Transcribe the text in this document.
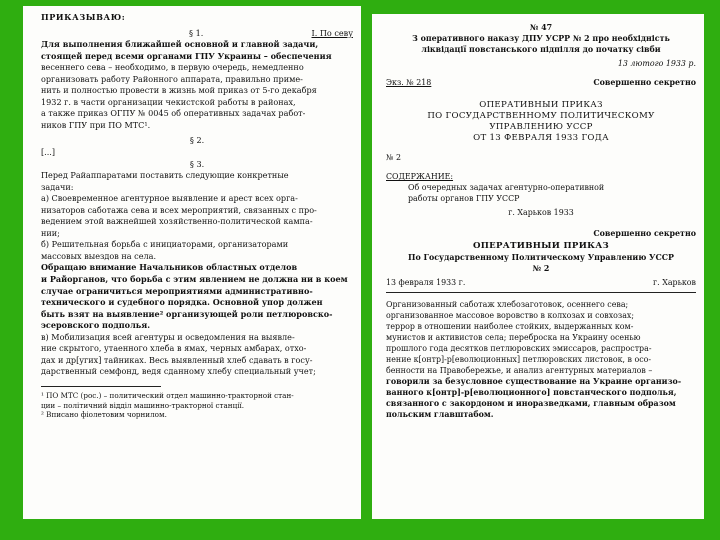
ПРИКАЗЫВАЮ:
§ 1.	I. По севу
Для выполнения ближайшей основной и главной задачи,
стоящей перед всеми органами ГПУ Украины – обеспечения
весеннего сева – необходимо, в первую очередь, немедленно
организовать работу Районного аппарата, правильно приме-
нить и полностью провести в жизнь мой приказ от 5-го декабря
1932 г. в части организации чекистской работы в районах,
а также приказ ОГПУ № 0045 об оперативных задачах работ-
ников ГПУ при ПО МТС¹.
§ 2.
[...]
§ 3.
Перед Райаппаратами поставить следующие конкретные
задачи:
а) Своевременное агентурное выявление и арест всех орга-
низаторов саботажа сева и всех мероприятий, связанных с про-
ведением этой важнейшей хозяйственно-политической кампа-
нии;
б) Решительная борьба с инициаторами, организаторами
массовых выездов на села.
Обращаю внимание Начальников областных отделов
и Райорганов, что борьба с этим явлением не должна ни в коем
случае ограничиться мероприятиями административно-
технического и судебного порядка. Основной упор должен
быть взят на выявление² организующей роли петлюровско-
эсеровского подполья.
в) Мобилизация всей агентуры и осведомления на выявле-
ние скрытого, утаенного хлеба в ямах, черных амбарах, отхо-
дах и др[угих] тайниках. Весь выявленный хлеб сдавать в госу-
дарственный семфонд, ведя сданному хлебу специальный учет;
¹ ПО МТС (рос.) – политический отдел машинно-тракторной стан-
ции – політичний відділ машинно-тракторної станції.
² Вписано фіолетовим чорнилом.
№ 47
З оперативного наказу ДПУ УСРР № 2 про необхідність
ліквідації повстанського підпілля до початку сівби
13 лютого 1933 р.
Экз. № 218	Совершенно секретно
ОПЕРАТИВНЫЙ ПРИКАЗ
ПО ГОСУДАРСТВЕННОМУ ПОЛИТИЧЕСКОМУ
УПРАВЛЕНИЮ УССР
ОТ 13 ФЕВРАЛЯ 1933 ГОДА
№ 2
СОДЕРЖАНИЕ:
Об очередных задачах агентурно-оперативной
работы органов ГПУ УССР
г. Харьков 1933
Совершенно секретно
ОПЕРАТИВНЫЙ ПРИКАЗ
По Государственному Политическому Управлению УССР
№ 2
13 февраля 1933 г.	г. Харьков
Организованный саботаж хлебозаготовок, осеннего сева;
организованное массовое воровство в колхозах и совхозах;
террор в отношении наиболее стойких, выдержанных ком-
мунистов и активистов села; переброска на Украину осенью
прошлого года десятков петлюровских эмиссаров, распростра-
нение к[онтр]-р[еволюционных] петлюровских листовок, в осо-
бенности на Правобережье, и анализ агентурных материалов –
говорили за безусловное существование на Украине организо-
ванного к[онтр]-р[еволюционного] повстанческого подполья,
связанного с закордоном и иноразведками, главным образом
польским главштабом.
